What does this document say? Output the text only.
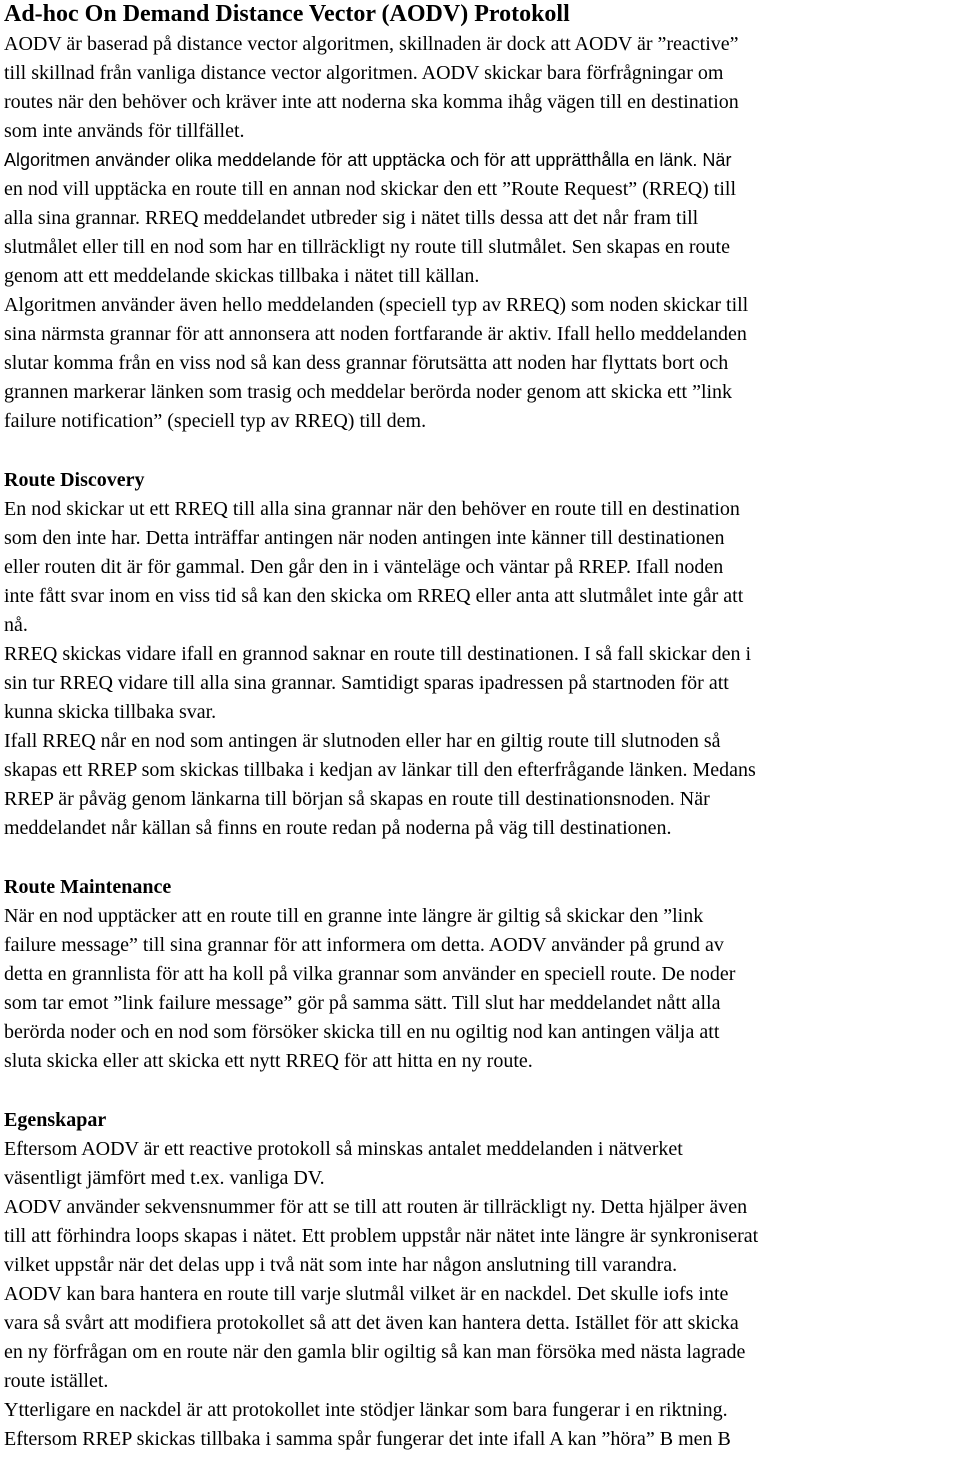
Ad-hoc On Demand Distance Vector (AODV) Protokoll
AODV är baserad på distance vector algoritmen, skillnaden är dock att AODV är ”reactive”
till skillnad från vanliga distance vector algoritmen. AODV skickar bara förfrågningar om
routes när den behöver och kräver inte att noderna ska komma ihåg vägen till en destination
som inte används för tillfället.
Algoritmen använder olika meddelande för att upptäcka och för att upprätthålla en länk. När
en nod vill upptäcka en route till en annan nod skickar den ett ”Route Request” (RREQ) till
alla sina grannar. RREQ meddelandet utbreder sig i nätet tills dessa att det når fram till
slutmålet eller till en nod som har en tillräckligt ny route till slutmålet. Sen skapas en route
genom att ett meddelande skickas tillbaka i nätet till källan.
Algoritmen använder även hello meddelanden (speciell typ av RREQ) som noden skickar till
sina närmsta grannar för att annonsera att noden fortfarande är aktiv. Ifall hello meddelanden
slutar komma från en viss nod så kan dess grannar förutsätta att noden har flyttats bort och
grannen markerar länken som trasig och meddelar berörda noder genom att skicka ett ”link
failure notification” (speciell typ av RREQ) till dem.
Route Discovery
En nod skickar ut ett RREQ till alla sina grannar när den behöver en route till en destination
som den inte har. Detta inträffar antingen när noden antingen inte känner till destinationen
eller routen dit är för gammal. Den går den in i vänteläge och väntar på RREP. Ifall noden
inte fått svar inom en viss tid så kan den skicka om RREQ eller anta att slutmålet inte går att
nå.
RREQ skickas vidare ifall en grannod saknar en route till destinationen. I så fall skickar den i
sin tur RREQ vidare till alla sina grannar. Samtidigt sparas ipadressen på startnoden för att
kunna skicka tillbaka svar.
Ifall RREQ når en nod som antingen är slutnoden eller har en giltig route till slutnoden så
skapas ett RREP som skickas tillbaka i kedjan av länkar till den efterfrågande länken. Medans
RREP är påväg genom länkarna till början så skapas en route till destinationsnoden. När
meddelandet når källan så finns en route redan på noderna på väg till destinationen.
Route Maintenance
När en nod upptäcker att en route till en granne inte längre är giltig så skickar den ”link
failure message” till sina grannar för att informera om detta. AODV använder på grund av
detta en grannlista för att ha koll på vilka grannar som använder en speciell route. De noder
som tar emot ”link failure message” gör på samma sätt. Till slut har meddelandet nått alla
berörda noder och en nod som försöker skicka till en nu ogiltig nod kan antingen välja att
sluta skicka eller att skicka ett nytt RREQ för att hitta en ny route.
Egenskapar
Eftersom AODV är ett reactive protokoll så minskas antalet meddelanden i nätverket
väsentligt jämfört med t.ex. vanliga DV.
AODV använder sekvensnummer för att se till att routen är tillräckligt ny. Detta hjälper även
till att förhindra loops skapas i nätet. Ett problem uppstår när nätet inte längre är synkroniserat
vilket uppstår när det delas upp i två nät som inte har någon anslutning till varandra.
AODV kan bara hantera en route till varje slutmål vilket är en nackdel. Det skulle iofs inte
vara så svårt att modifiera protokollet så att det även kan hantera detta. Istället för att skicka
en ny förfrågan om en route när den gamla blir ogiltig så kan man försöka med nästa lagrade
route istället.
Ytterligare en nackdel är att protokollet inte stödjer länkar som bara fungerar i en riktning.
Eftersom RREP skickas tillbaka i samma spår fungerar det inte ifall A kan ”höra” B men B
